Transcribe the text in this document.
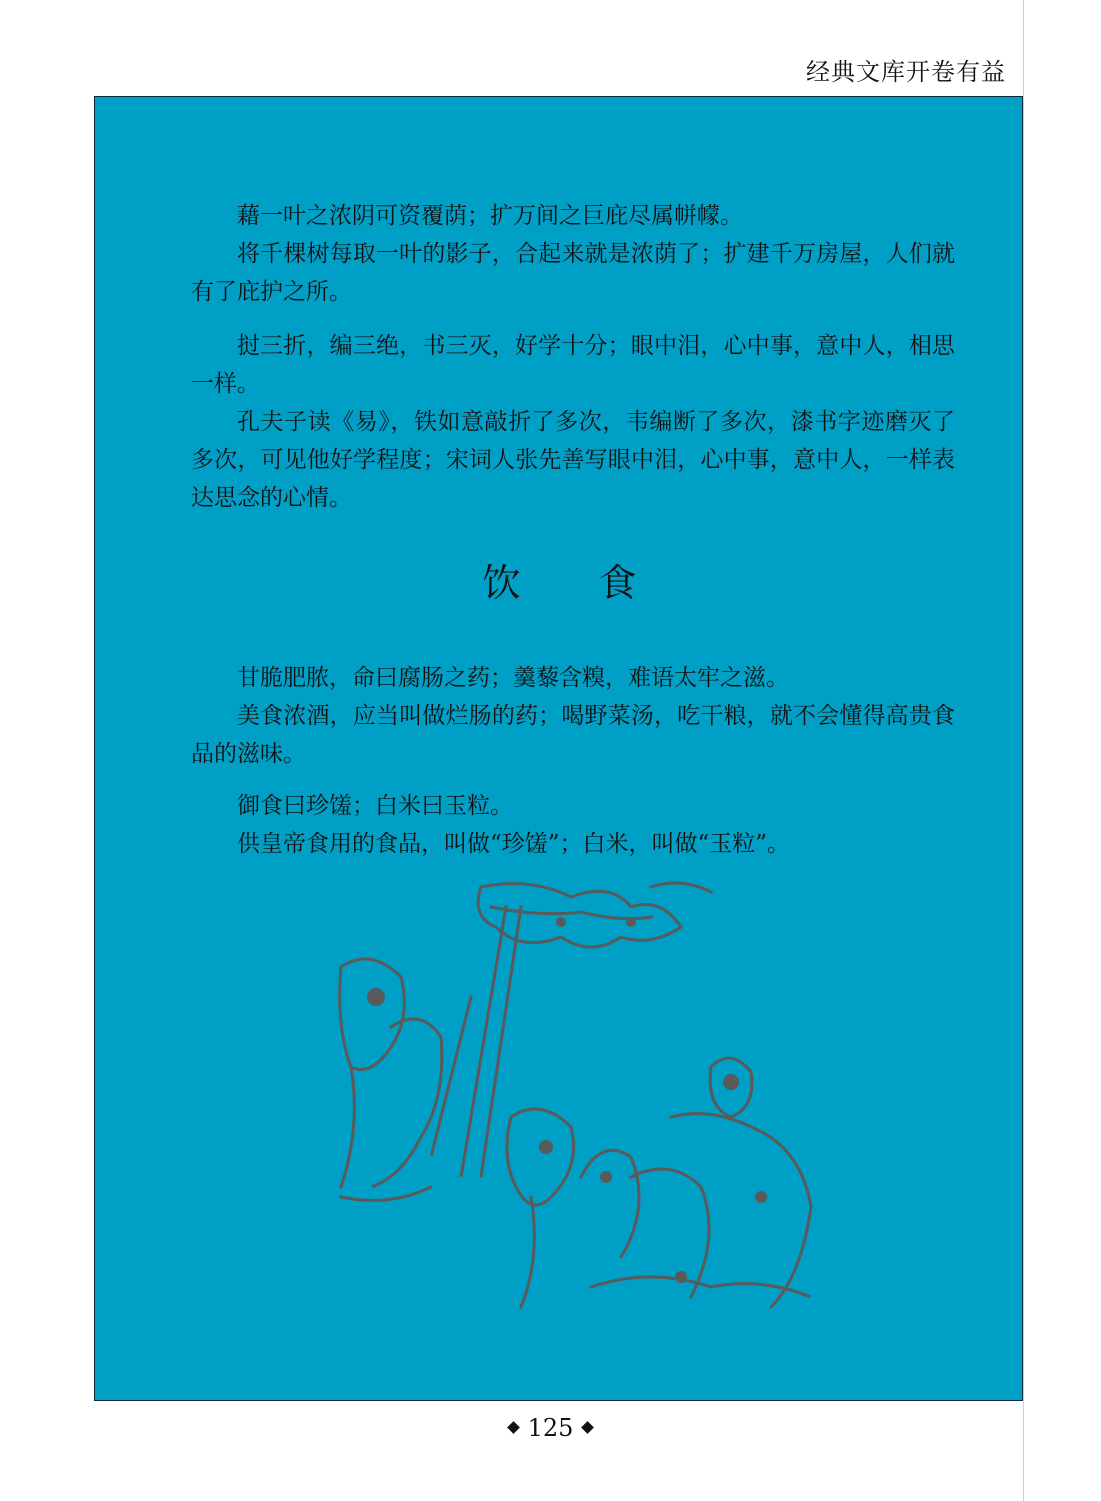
经典文库开卷有益

藉一叶之浓阴可资覆荫；扩万间之巨庇尽属帡幪。

将千棵树每取一叶的影子，合起来就是浓荫了；扩建千万房屋，人们就有了庇护之所。

挝三折，编三绝，书三灭，好学十分；眼中泪，心中事，意中人，相思一样。

孔夫子读《易》，铁如意敲折了多次，韦编断了多次，漆书字迹磨灭了多次，可见他好学程度；宋词人张先善写眼中泪，心中事，意中人，一样表达思念的心情。

饮食

甘脆肥脓，命曰腐肠之药；羹藜含糗，难语太牢之滋。

美食浓酒，应当叫做烂肠的药；喝野菜汤，吃干粮，就不会懂得高贵食品的滋味。

御食曰珍馐；白米曰玉粒。

供皇帝食用的食品，叫做“珍馐”；白米，叫做“玉粒”。

125
